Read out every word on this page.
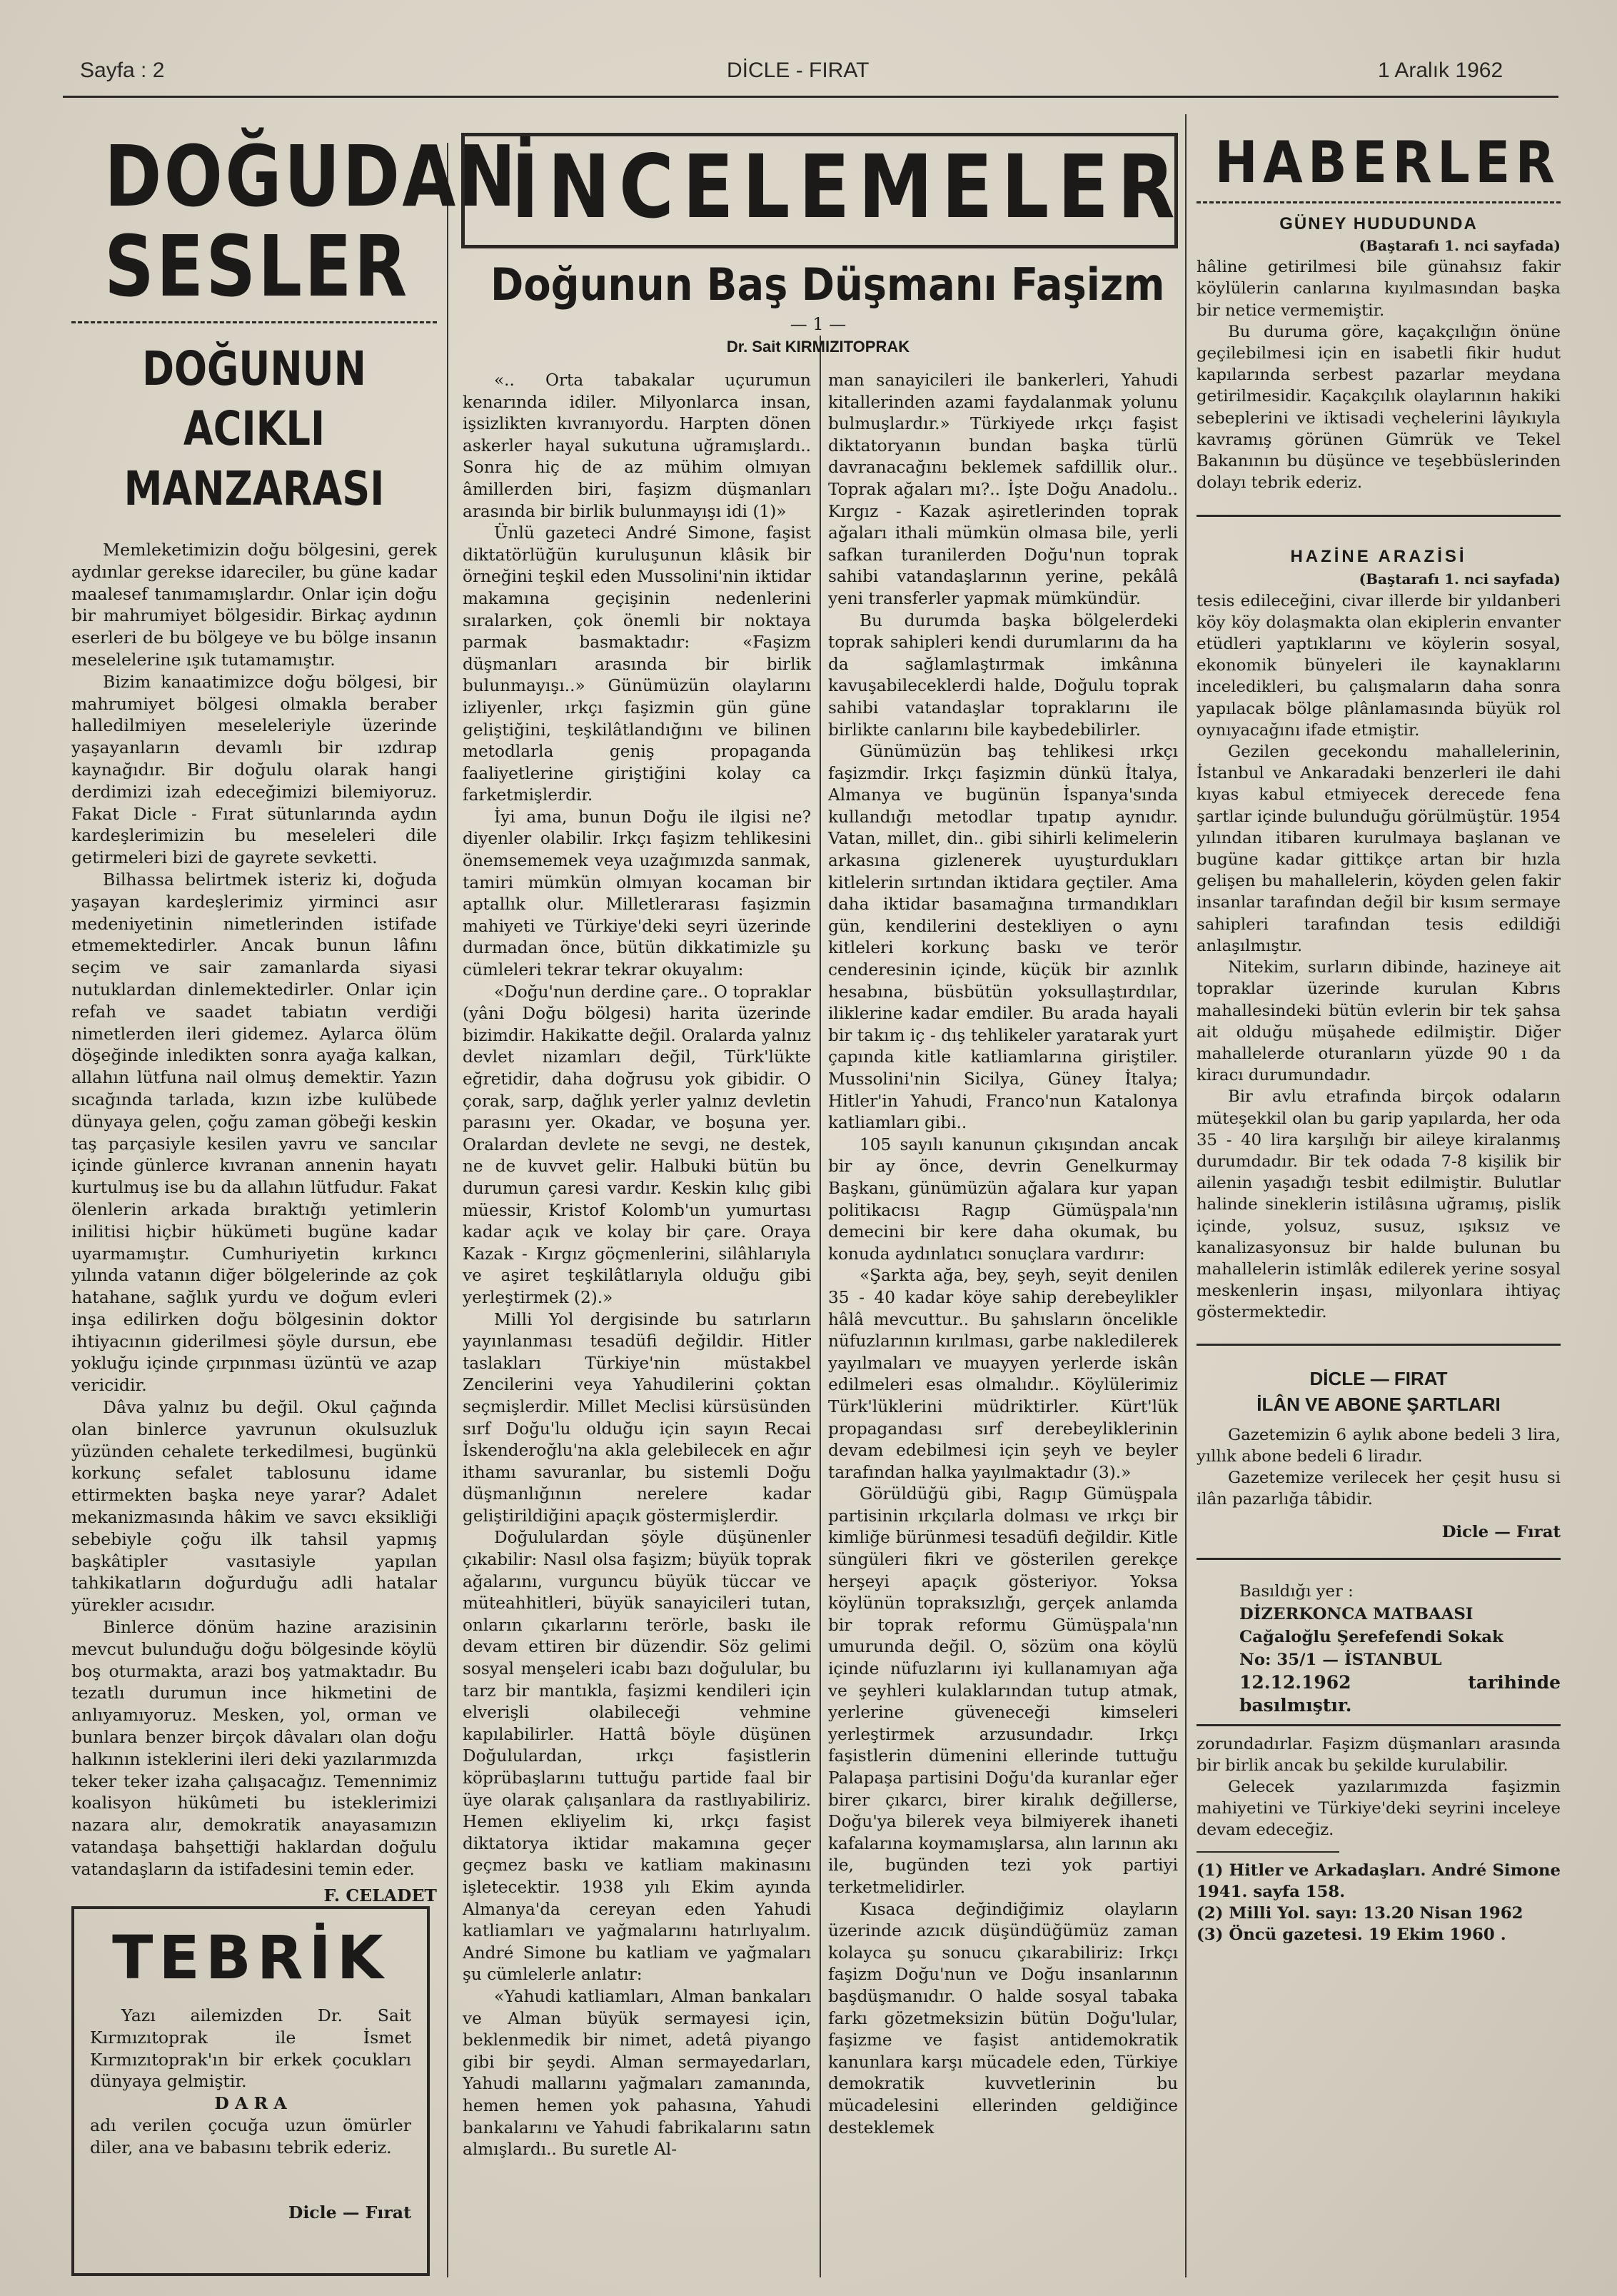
Sayfa : 2	DİCLE - FIRAT	1 Aralık 1962
DOĞUDAN
SESLER
DOĞUNUN ACIKLI
MANZARASI

Memleketimizin doğu bölgesini, gerek aydınlar gerekse idareciler, bu güne kadar maalesef tanımamışlardır. Onlar için doğu bir mahrumiyet bölgesidir. Birkaç aydının eserleri de bu bölgeye ve bu bölge insanın meselelerine ışık tutamamıştır.

Bizim kanaatimizce doğu bölgesi, bir mahrumiyet bölgesi olmakla beraber halledilmiyen meseleleriyle üzerinde yaşayanların devamlı bir ızdırap kaynağıdır. Bir doğulu olarak hangi derdimizi izah edeceğimizi bilemiyoruz. Fakat Dicle - Fırat sütunlarında aydın kardeşlerimizin bu meseleleri dile getirmeleri bizi de gayrete sevketti.

Bilhassa belirtmek isteriz ki, doğuda yaşayan kardeşlerimiz yirminci asır medeniyetinin nimetlerinden istifade etmemektedirler. Ancak bunun lâfını seçim ve sair zamanlarda siyasi nutuklardan dinlemektedirler. Onlar için refah ve saadet tabiatın verdiği nimetlerden ileri gidemez. Aylarca ölüm döşeğinde inledikten sonra ayağa kalkan, allahın lütfuna nail olmuş demektir. Yazın sıcağında tarlada, kızın izbe kulübede dünyaya gelen, çoğu zaman göbeği keskin taş parçasiyle kesilen yavru ve sancılar içinde günlerce kıvranan annenin hayatı kurtulmuş ise bu da allahın lütfudur. Fakat ölenlerin arkada bıraktığı yetimlerin inilitisi hiçbir hükümeti bugüne kadar uyarmamıştır. Cumhuriyetin kırkıncı yılında vatanın diğer bölgelerinde az çok hatahane, sağlık yurdu ve doğum evleri inşa edilirken doğu bölgesinin doktor ihtiyacının giderilmesi şöyle dursun, ebe yokluğu içinde çırpınması üzüntü ve azap vericidir.

Dâva yalnız bu değil. Okul çağında olan binlerce yavrunun okulsuzluk yüzünden cehalete terkedilmesi, bugünkü korkunç sefalet tablosunu idame ettirmekten başka neye yarar? Adalet mekanizmasında hâkim ve savcı eksikliği sebebiyle çoğu ilk tahsil yapmış başkâtipler vasıtasiyle yapılan tahkikatların doğurduğu adli hatalar yürekler acısıdır.

Binlerce dönüm hazine arazisinin mevcut bulunduğu doğu bölgesinde köylü boş oturmakta, arazi boş yatmaktadır. Bu tezatlı durumun ince hikmetini de anlıyamıyoruz. Mesken, yol, orman ve bunlara benzer birçok dâvaları olan doğu halkının isteklerini ileri deki yazılarımızda teker teker izaha çalışacağız. Temennimiz koalisyon hükûmeti bu isteklerimizi nazara alır, demokratik anayasamızın vatandaşa bahşettiği haklardan doğulu vatandaşların da istifadesini temin eder.

F. CELADET
TEBRİK

Yazı ailemizden Dr. Sait Kırmızıtoprak ile İsmet Kırmızıtoprak'ın bir erkek çocukları dünyaya gelmiştir.

D A R A

adı verilen çocuğa uzun ömürler diler, ana ve babasını tebrik ederiz.

Dicle — Fırat
İNCELEMELER
Doğunun Baş Düşmanı Faşizm
— 1 —
Dr. Sait KIRMIZITOPRAK

«.. Orta tabakalar uçurumun kenarında idiler. Milyonlarca insan, işsizlikten kıvranıyordu. Harpten dönen askerler hayal sukutuna uğramışlardı.. Sonra hiç de az mühim olmıyan âmillerden biri, faşizm düşmanları arasında bir birlik bulunmayışı idi (1)»

Ünlü gazeteci André Simone, faşist diktatörlüğün kuruluşunun klâsik bir örneğini teşkil eden Mussolini'nin iktidar makamına geçişinin nedenlerini sıralarken, çok önemli bir noktaya parmak basmaktadır: «Faşizm düşmanları arasında bir birlik bulunmayışı..» Günümüzün olaylarını izliyenler, ırkçı faşizmin gün güne geliştiğini, teşkilâtlandığını ve bilinen metodlarla geniş propaganda faaliyetlerine giriştiğini kolay ca farketmişlerdir.

İyi ama, bunun Doğu ile ilgisi ne? diyenler olabilir. Irkçı faşizm tehlikesini önemsememek veya uzağımızda sanmak, tamiri mümkün olmıyan kocaman bir aptallık olur. Milletlerarası faşizmin mahiyeti ve Türkiye'deki seyri üzerinde durmadan önce, bütün dikkatimizle şu cümleleri tekrar tekrar okuyalım:

«Doğu'nun derdine çare.. O topraklar (yâni Doğu bölgesi) harita üzerinde bizimdir. Hakikatte değil. Oralarda yalnız devlet nizamları değil, Türk'lükte eğretidir, daha doğrusu yok gibidir. O çorak, sarp, dağlık yerler yalnız devletin parasını yer. Okadar, ve boşuna yer. Oralardan devlete ne sevgi, ne destek, ne de kuvvet gelir. Halbuki bütün bu durumun çaresi vardır. Keskin kılıç gibi müessir, Kristof Kolomb'un yumurtası kadar açık ve kolay bir çare. Oraya Kazak - Kırgız göçmenlerini, silâhlarıyla ve aşiret teşkilâtlarıyla olduğu gibi yerleştirmek (2).»

Milli Yol dergisinde bu satırların yayınlanması tesadüfi değildir. Hitler taslakları Türkiye'nin müstakbel Zencilerini veya Yahudilerini çoktan seçmişlerdir. Millet Meclisi kürsüsünden sırf Doğu'lu olduğu için sayın Recai İskenderoğlu'na akla gelebilecek en ağır ithamı savuranlar, bu sistemli Doğu düşmanlığının nerelere kadar geliştirildiğini apaçık göstermişlerdir.

Doğululardan şöyle düşünenler çıkabilir: Nasıl olsa faşizm; büyük toprak ağalarını, vurguncu büyük tüccar ve müteahhitleri, büyük sanayicileri tutan, onların çıkarlarını terörle, baskı ile devam ettiren bir düzendir. Söz gelimi sosyal menşeleri icabı bazı doğulular, bu tarz bir mantıkla, faşizmi kendileri için elverişli olabileceği vehmine kapılabilirler. Hattâ böyle düşünen Doğululardan, ırkçı faşistlerin köprübaşlarını tuttuğu partide faal bir üye olarak çalışanlara da rastlıyabiliriz. Hemen ekliyelim ki, ırkçı faşist diktatorya iktidar makamına geçer geçmez baskı ve katliam makinasını işletecektir. 1938 yılı Ekim ayında Almanya'da cereyan eden Yahudi katliamları ve yağmalarını hatırlıyalım. André Simone bu katliam ve yağmaları şu cümlelerle anlatır:

«Yahudi katliamları, Alman bankaları ve Alman büyük sermayesi için, beklenmedik bir nimet, adetâ piyango gibi bir şeydi. Alman sermayedarları, Yahudi mallarını yağmaları zamanında, hemen hemen yok pahasına, Yahudi bankalarını ve Yahudi fabrikalarını satın almışlardı.. Bu suretle Al-

man sanayicileri ile bankerleri, Yahudi kitallerinden azami faydalanmak yolunu bulmuşlardır.» Türkiyede ırkçı faşist diktatoryanın bundan başka türlü davranacağını beklemek safdillik olur.. Toprak ağaları mı?.. İşte Doğu Anadolu.. Kırgız - Kazak aşiretlerinden toprak ağaları ithali mümkün olmasa bile, yerli safkan turanilerden Doğu'nun toprak sahibi vatandaşlarının yerine, pekâlâ yeni transferler yapmak mümkündür.

Bu durumda başka bölgelerdeki toprak sahipleri kendi durumlarını da ha da sağlamlaştırmak imkânına kavuşabileceklerdi halde, Doğulu toprak sahibi vatandaşlar topraklarını ile birlikte canlarını bile kaybedebilirler.

Günümüzün baş tehlikesi ırkçı faşizmdir. Irkçı faşizmin dünkü İtalya, Almanya ve bugünün İspanya'sında kullandığı metodlar tıpatıp aynıdır. Vatan, millet, din.. gibi sihirli kelimelerin arkasına gizlenerek uyuşturdukları kitlelerin sırtından iktidara geçtiler. Ama daha iktidar basamağına tırmandıkları gün, kendilerini destekliyen o aynı kitleleri korkunç baskı ve terör cenderesinin içinde, küçük bir azınlık hesabına, büsbütün yoksullaştırdılar, iliklerine kadar emdiler. Bu arada hayali bir takım iç - dış tehlikeler yaratarak yurt çapında kitle katliamlarına giriştiler. Mussolini'nin Sicilya, Güney İtalya; Hitler'in Yahudi, Franco'nun Katalonya katliamları gibi..

105 sayılı kanunun çıkışından ancak bir ay önce, devrin Genelkurmay Başkanı, günümüzün ağalara kur yapan politikacısı Ragıp Gümüşpala'nın demecini bir kere daha okumak, bu konuda aydınlatıcı sonuçlara vardırır:

«Şarkta ağa, bey, şeyh, seyit denilen 35 - 40 kadar köye sahip derebeylikler hâlâ mevcuttur.. Bu şahısların öncelikle nüfuzlarının kırılması, garbe nakledilerek yayılmaları ve muayyen yerlerde iskân edilmeleri esas olmalıdır.. Köylülerimiz Türk'lüklerini müdriktirler. Kürt'lük propagandası sırf derebeyliklerinin devam edebilmesi için şeyh ve beyler tarafından halka yayılmaktadır (3).»

Görüldüğü gibi, Ragıp Gümüşpala partisinin ırkçılarla dolması ve ırkçı bir kimliğe bürünmesi tesadüfi değildir. Kitle süngüleri fikri ve gösterilen gerekçe herşeyi apaçık gösteriyor. Yoksa köylünün topraksızlığı, gerçek anlamda bir toprak reformu Gümüşpala'nın umurunda değil. O, sözüm ona köylü içinde nüfuzlarını iyi kullanamıyan ağa ve şeyhleri kulaklarından tutup atmak, yerlerine güveneceği kimseleri yerleştirmek arzusundadır. Irkçı faşistlerin dümenini ellerinde tuttuğu Palapaşa partisini Doğu'da kuranlar eğer birer çıkarcı, birer kiralık değillerse, Doğu'ya bilerek veya bilmiyerek ihaneti kafalarına koymamışlarsa, alın larının akı ile, bugünden tezi yok partiyi terketmelidirler.

Kısaca değindiğimiz olayların üzerinde azıcık düşündüğümüz zaman kolayca şu sonucu çıkarabiliriz: Irkçı faşizm Doğu'nun ve Doğu insanlarının başdüşmanıdır. O halde sosyal tabaka farkı gözetmeksizin bütün Doğu'lular, faşizme ve faşist antidemokratik kanunlara karşı mücadele eden, Türkiye demokratik kuvvetlerinin bu mücadelesini ellerinden geldiğince desteklemek

HABERLER
GÜNEY HUDUDUNDA
(Baştarafı 1. nci sayfada)

hâline getirilmesi bile günahsız fakir köylülerin canlarına kıyılmasından başka bir netice vermemiştir.

Bu duruma göre, kaçakçılığın önüne geçilebilmesi için en isabetli fikir hudut kapılarında serbest pazarlar meydana getirilmesidir. Kaçakçılık olaylarının hakiki sebeplerini ve iktisadi veçhelerini lâyıkıyla kavramış görünen Gümrük ve Tekel Bakanının bu düşünce ve teşebbüslerinden dolayı tebrik ederiz.

HAZİNE ARAZİSİ
(Baştarafı 1. nci sayfada)

tesis edileceğini, civar illerde bir yıldanberi köy köy dolaşmakta olan ekiplerin envanter etüdleri yaptıklarını ve köylerin sosyal, ekonomik bünyeleri ile kaynaklarını inceledikleri, bu çalışmaların daha sonra yapılacak bölge plânlamasında büyük rol oynıyacağını ifade etmiştir.

Gezilen gecekondu mahallelerinin, İstanbul ve Ankaradaki benzerleri ile dahi kıyas kabul etmiyecek derecede fena şartlar içinde bulunduğu görülmüştür. 1954 yılından itibaren kurulmaya başlanan ve bugüne kadar gittikçe artan bir hızla gelişen bu mahallelerin, köyden gelen fakir insanlar tarafından değil bir kısım sermaye sahipleri tarafından tesis edildiği anlaşılmıştır.

Nitekim, surların dibinde, hazineye ait topraklar üzerinde kurulan Kıbrıs mahallesindeki bütün evlerin bir tek şahsa ait olduğu müşahede edilmiştir. Diğer mahallelerde oturanların yüzde 90 ı da kiracı durumundadır.

Bir avlu etrafında birçok odaların müteşekkil olan bu garip yapılarda, her oda 35 - 40 lira karşılığı bir aileye kiralanmış durumdadır. Bir tek odada 7-8 kişilik bir ailenin yaşadığı tesbit edilmiştir. Bulutlar halinde sineklerin istilâsına uğramış, pislik içinde, yolsuz, susuz, ışıksız ve kanalizasyonsuz bir halde bulunan bu mahallelerin istimlâk edilerek yerine sosyal meskenlerin inşası, milyonlara ihtiyaç göstermektedir.

DİCLE — FIRAT
İLÂN VE ABONE ŞARTLARI

Gazetemizin 6 aylık abone bedeli 3 lira, yıllık abone bedeli 6 liradır.

Gazetemize verilecek her çeşit husu si ilân pazarlığa tâbidir.

Dicle — Fırat
Basıldığı yer :
DİZERKONCA MATBAASI
Cağaloğlu Şerefefendi Sokak
No: 35/1 — İSTANBUL
12.12.1962 tarihinde basılmıştır.

zorundadırlar. Faşizm düşmanları arasında bir birlik ancak bu şekilde kurulabilir.

Gelecek yazılarımızda faşizmin mahiyetini ve Türkiye'deki seyrini inceleye devam edeceğiz.

(1) Hitler ve Arkadaşları. André Simone 1941. sayfa 158.
(2) Milli Yol. sayı: 13.20 Nisan 1962
(3) Öncü gazetesi. 19 Ekim 1960 .
